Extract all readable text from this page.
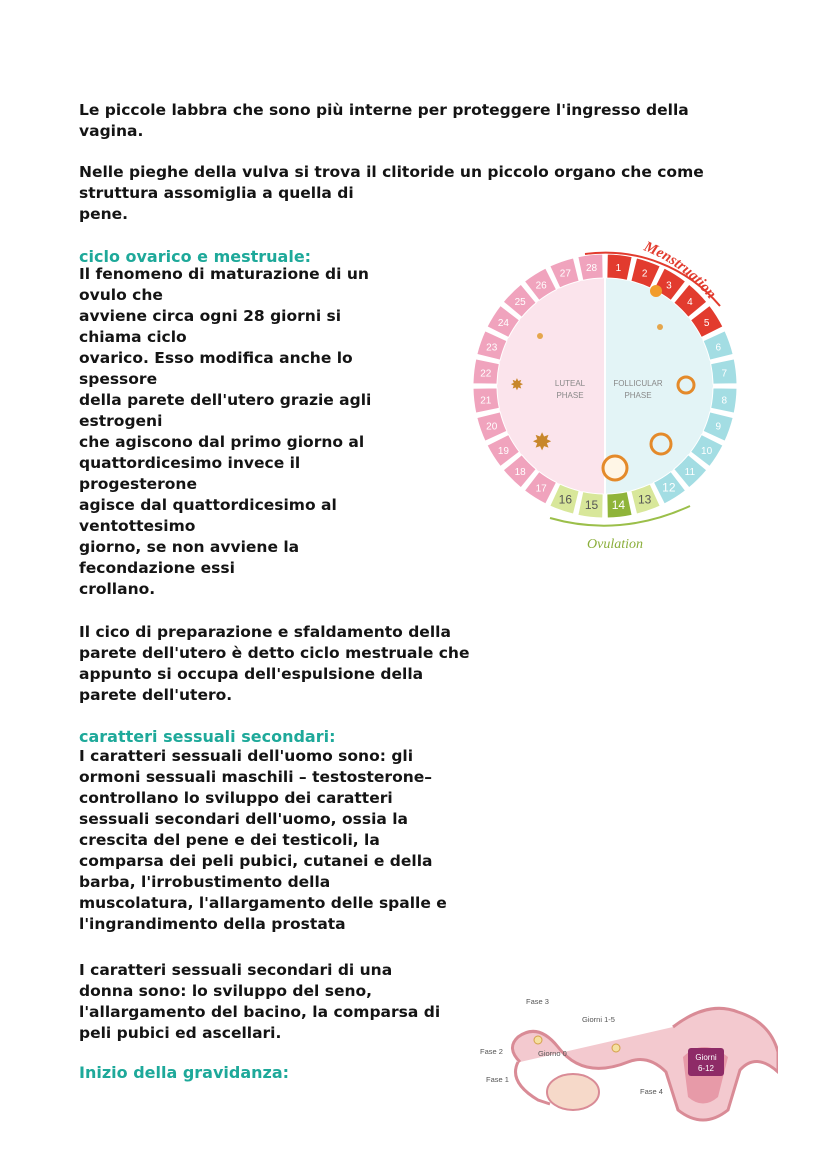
Le piccole labbra che sono più interne per proteggere l'ingresso della
vagina.
Nelle pieghe della vulva si trova il clitoride un piccolo organo che come
struttura assomiglia a quella di
pene.
ciclo ovarico e mestruale:
Il fenomeno di maturazione di un
ovulo che
avviene circa ogni 28 giorni si
chiama ciclo
ovarico. Esso modifica anche lo
spessore
della parete dell'utero grazie agli
estrogeni
che agiscono dal primo giorno al
quattordicesimo invece il
progesterone
agisce dal quattordicesimo al
ventottesimo
giorno, se non avviene la
fecondazione essi
crollano.
Il cico di preparazione e sfaldamento della
parete dell'utero è detto ciclo mestruale che
appunto si occupa dell'espulsione della
parete dell'utero.
caratteri sessuali secondari:
I caratteri sessuali dell'uomo sono: gli
ormoni sessuali maschili – testosterone–
controllano lo sviluppo dei caratteri
sessuali secondari dell'uomo, ossia la
crescita del pene e dei testicoli, la
comparsa dei peli pubici, cutanei e della
barba, l'irrobustimento della
muscolatura, l'allargamento delle spalle e
l'ingrandimento della prostata
I caratteri sessuali secondari di una
donna sono: lo sviluppo del seno,
l'allargamento del bacino, la comparsa di
peli pubici ed ascellari.
Inizio della gravidanza:
1
2
3
4
5
6
7
8
9
10
11
12
13
14
15
16
17
18
19
20
21
22
23
24
25
26
27
28
Menstruation
Ovulation
LUTEAL
PHASE
FOLLICULAR
PHASE
✸
✸
Giorni
6-12
Fase 3
Giorni 1-5
Fase 2	Giorno 0
Fase 1
Fase 4
